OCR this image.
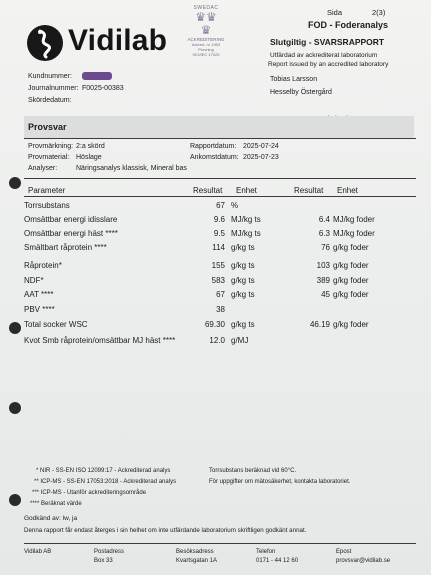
Vidilab
SWEDAC
♛♛
♛
ACKREDITERING
Ackred. nr 1953
Provning
ISO/IEC 17025
Sida	2(3)
FOD - Foderanalys
Slutgiltig - SVARSRAPPORT
Utfärdad av ackrediterat laboratorium
Report issued by an accredited laboratory
Kundnummer:
Journalnummer: F0025-00383
Skördedatum:
Tobias Larsson
Hesselby Östergård
Provsvar
Provmärkning: 2:a skörd
Provmaterial: Höslage
Analyser:	Näringsanalys klassisk, Mineral bas
Rapportdatum: 2025-07-24
Ankomstdatum: 2025-07-23
Parameter	Resultat Enhet	Resultat Enhet
Torrsubstans	67 %
Omsättbar energi idisslare	9.6 MJ/kg ts	6.4 MJ/kg foder
Omsättbar energi häst ****	9.5 MJ/kg ts	6.3 MJ/kg foder
Smältbart råprotein ****	114 g/kg ts	76 g/kg foder
Råprotein*	155 g/kg ts	103 g/kg foder
NDF*	583 g/kg ts	389 g/kg foder
AAT ****	67 g/kg ts	45 g/kg foder
PBV ****	38
Total socker WSC	69.30 g/kg ts	46.19 g/kg foder
Kvot Smb råprotein/omsättbar MJ häst ****	12.0 g/MJ
* NIR - SS-EN ISO 12099:17 - Ackrediterad analys
** ICP-MS - SS-EN 17053:2018 - Ackrediterad analys
*** ICP-MS - Utanför ackrediteringsområde
**** Beräknat värde
Torrsubstans beräknad vid 60°C.
För uppgifter om mätosäkerhet, kontakta laboratoriet.
Godkänd av: lw, ja
Denna rapport får endast återges i sin helhet om inte utfärdande laboratorium skriftligen godkänt annat.
Vidilab AB	Postadress
Box 33
Besöksadress
Kvartsgatan 1A
Telefon
0171 - 44 12 60
Epost
provsvar@vidilab.se
